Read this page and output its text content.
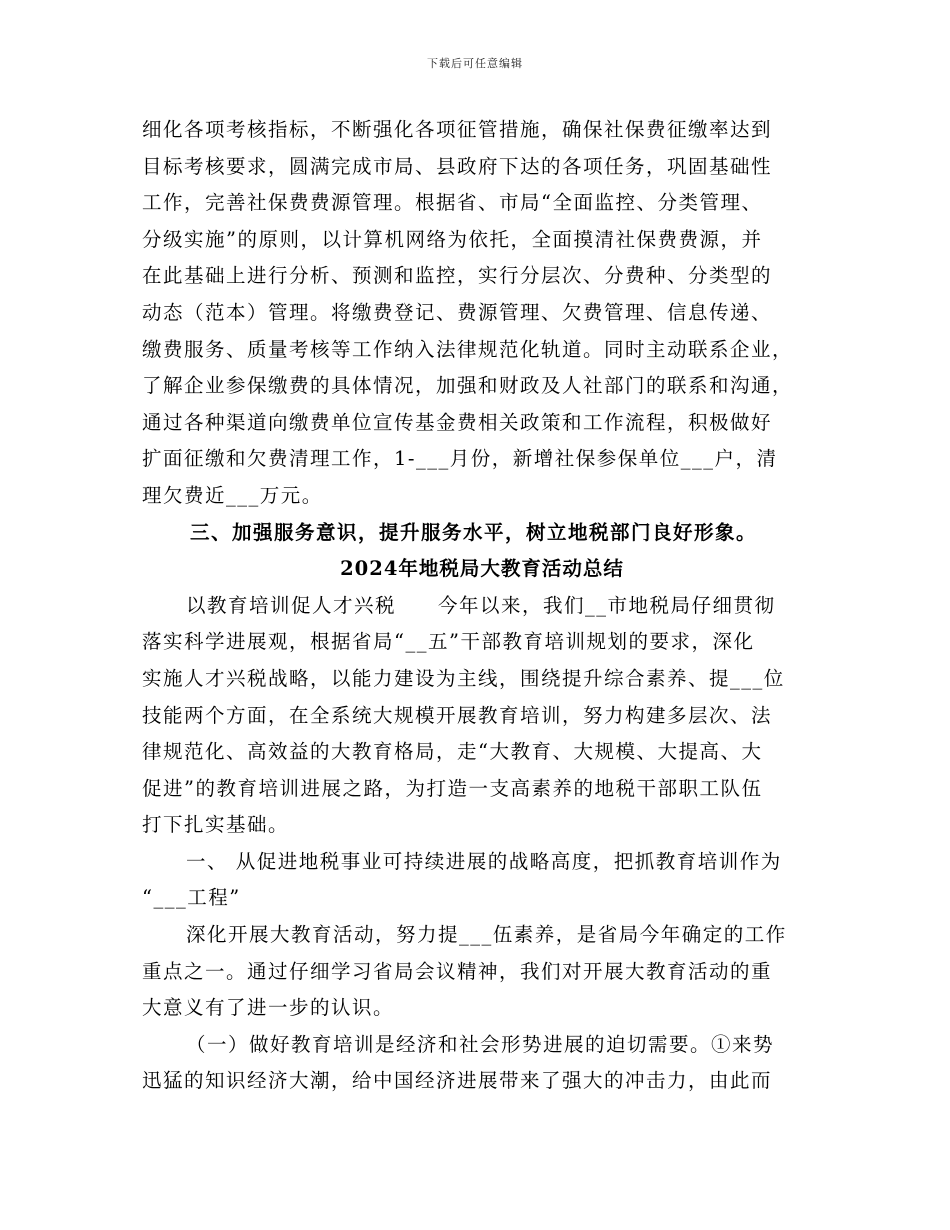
下载后可任意编辑
细化各项考核指标，不断强化各项征管措施，确保社保费征缴率达到
目标考核要求，圆满完成市局、县政府下达的各项任务，巩固基础性
工作，完善社保费费源管理。根据省、市局“全面监控、分类管理、
分级实施”的原则，以计算机网络为依托，全面摸清社保费费源，并
在此基础上进行分析、预测和监控，实行分层次、分费种、分类型的
动态（范本）管理。将缴费登记、费源管理、欠费管理、信息传递、
缴费服务、质量考核等工作纳入法律规范化轨道。同时主动联系企业，
了解企业参保缴费的具体情况，加强和财政及人社部门的联系和沟通，
通过各种渠道向缴费单位宣传基金费相关政策和工作流程，积极做好
扩面征缴和欠费清理工作，1-___月份，新增社保参保单位___户，清
理欠费近___万元。
三、加强服务意识，提升服务水平，树立地税部门良好形象。
2024年地税局大教育活动总结
以教育培训促人才兴税　　今年以来，我们__市地税局仔细贯彻
落实科学进展观，根据省局“__五”干部教育培训规划的要求，深化
实施人才兴税战略，以能力建设为主线，围绕提升综合素养、提___位
技能两个方面，在全系统大规模开展教育培训，努力构建多层次、法
律规范化、高效益的大教育格局，走“大教育、大规模、大提高、大
促进”的教育培训进展之路，为打造一支高素养的地税干部职工队伍
打下扎实基础。
一、 从促进地税事业可持续进展的战略高度，把抓教育培训作为
“___工程”
深化开展大教育活动，努力提___伍素养，是省局今年确定的工作
重点之一。通过仔细学习省局会议精神，我们对开展大教育活动的重
大意义有了进一步的认识。
（一）做好教育培训是经济和社会形势进展的迫切需要。①来势
迅猛的知识经济大潮，给中国经济进展带来了强大的冲击力，由此而
